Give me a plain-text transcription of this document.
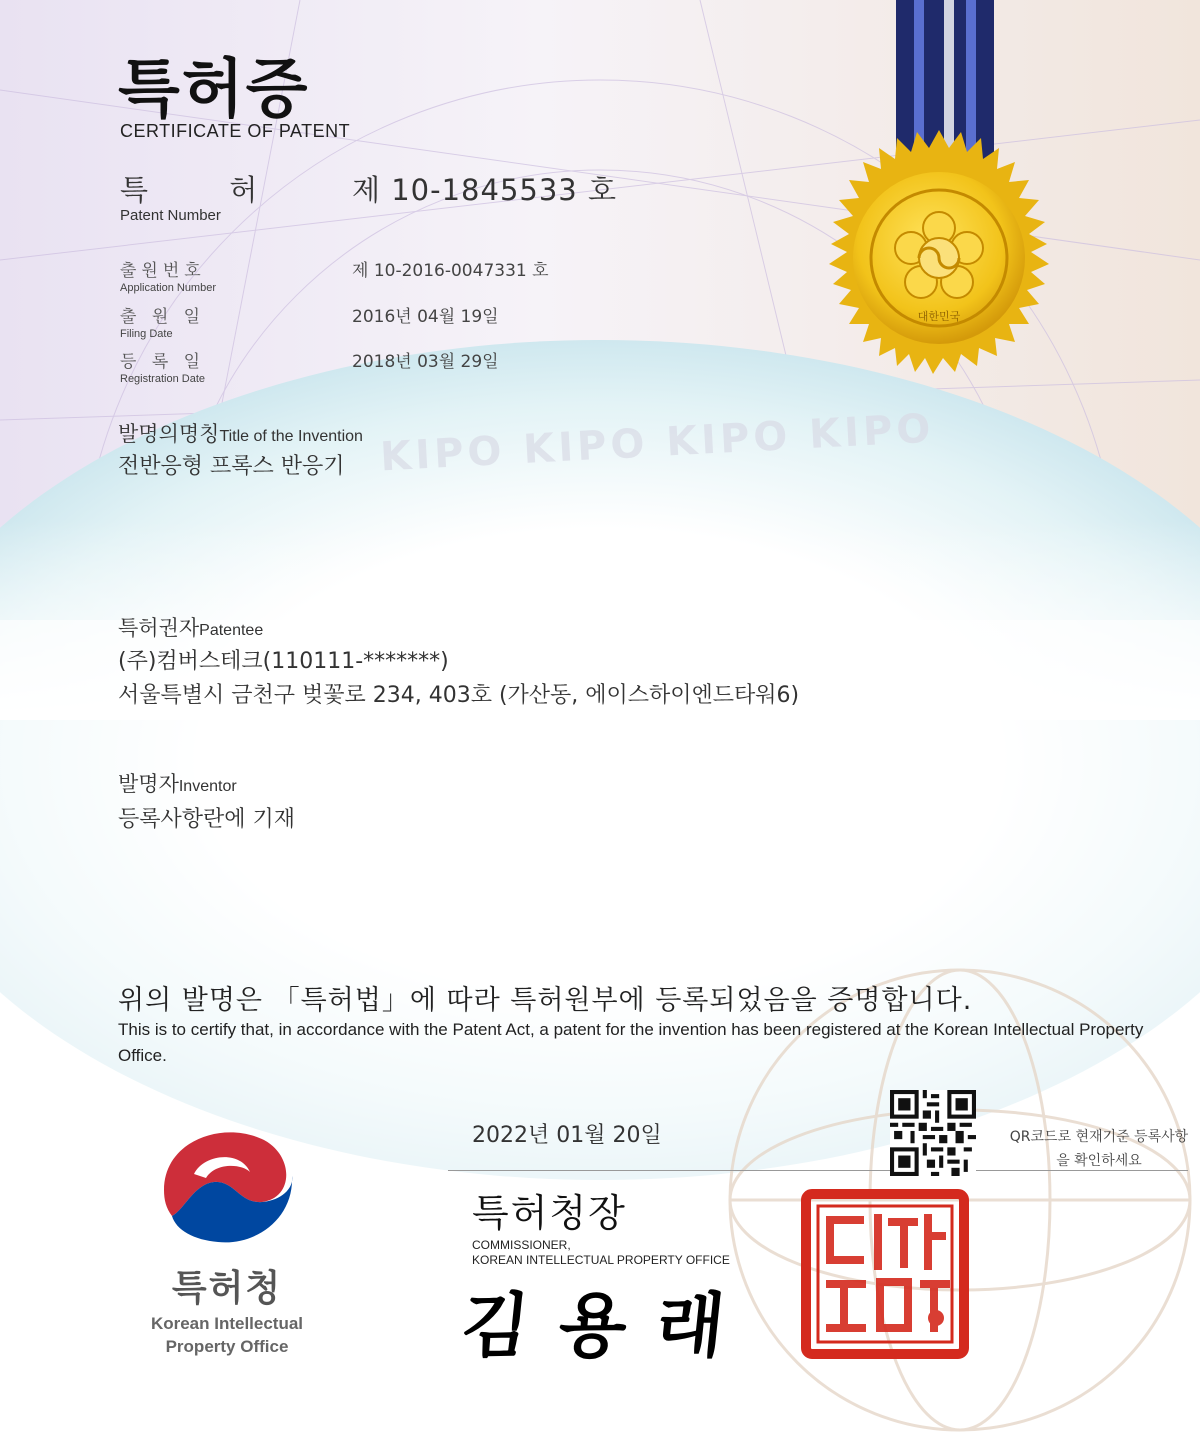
KIPO KIPO KIPO KIPO
대한민국
특허증
CERTIFICATE OF PATENT
특 허
Patent Number
제 10-1845533 호
출원번호
Application Number
제 10-2016-0047331 호
출 원 일
Filing Date
2016년 04월 19일
등 록 일
Registration Date
2018년 03월 29일
발명의명칭Title of the Invention
전반응형 프록스 반응기
특허권자Patentee
(주)컴버스테크(110111-*******)
서울특별시 금천구 벚꽃로 234, 403호 (가산동, 에이스하이엔드타워6)
발명자Inventor
등록사항란에 기재
위의 발명은 「특허법」에 따라 특허원부에 등록되었음을 증명합니다.
This is to certify that, in accordance with the Patent Act, a patent for the invention has been registered at the Korean Intellectual Property Office.
특허청
Korean Intellectual Property Office
2022년 01월 20일	QR코드로 현재기준 등록사항을 확인하세요
특허청장
COMMISSIONER,
KOREAN INTELLECTUAL PROPERTY OFFICE
김용래	특허청장인
